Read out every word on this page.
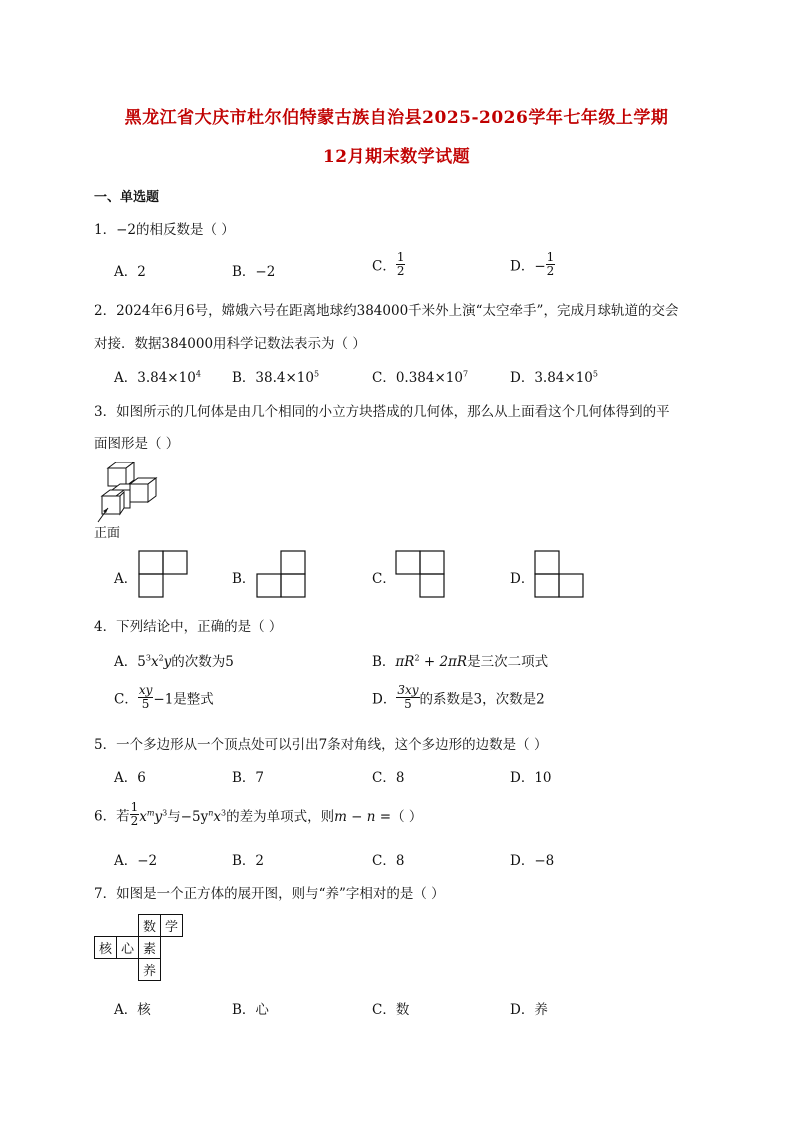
黑龙江省大庆市杜尔伯特蒙古族自治县2025-2026学年七年级上学期
12月期末数学试题
一、单选题
1．−2的相反数是（ ）
A．2	B．−2	C． $\frac{1}{2}$	D．− $\frac{1}{2}$
2．2024年6月6号，嫦娥六号在距离地球约384000千米外上演“太空牵手”，完成月球轨道的交会
对接．数据384000用科学记数法表示为（ ）
A．$3.84\times 10^4$ B．$38.4\times 10^5$	C．$0.384\times 10^7$	D．$3.84\times 10^5$
3．如图所示的几何体是由几个相同的小立方块搭成的几何体，那么从上面看这个几何体得到的平
面图形是（ ）
正面
A．	B．	C．	D．
4．下列结论中，正确的是（ ）
A．$5^3x^2y$的次数为5	B．$\pi R^2 + 2\pi R$是三次二项式
C． $\frac{xy}{5} -1$是整式	D． $\frac{3xy}{5}$ 的系数是3，次数是2
5．一个多边形从一个顶点处可以引出7条对角线，这个多边形的边数是（ ）
A．6	B．7	C．8	D．10
6．若 $\frac{1}{2} x^my^3$与$-5y^nx^3$的差为单项式，则m − n =（ ）
A．−2	B．2	C．8	D．−8
7．如图是一个正方体的展开图，则与“养”字相对的是（ ）
		数	学
核	心	素	
		养	
A．核	B．心	C．数	D．养
